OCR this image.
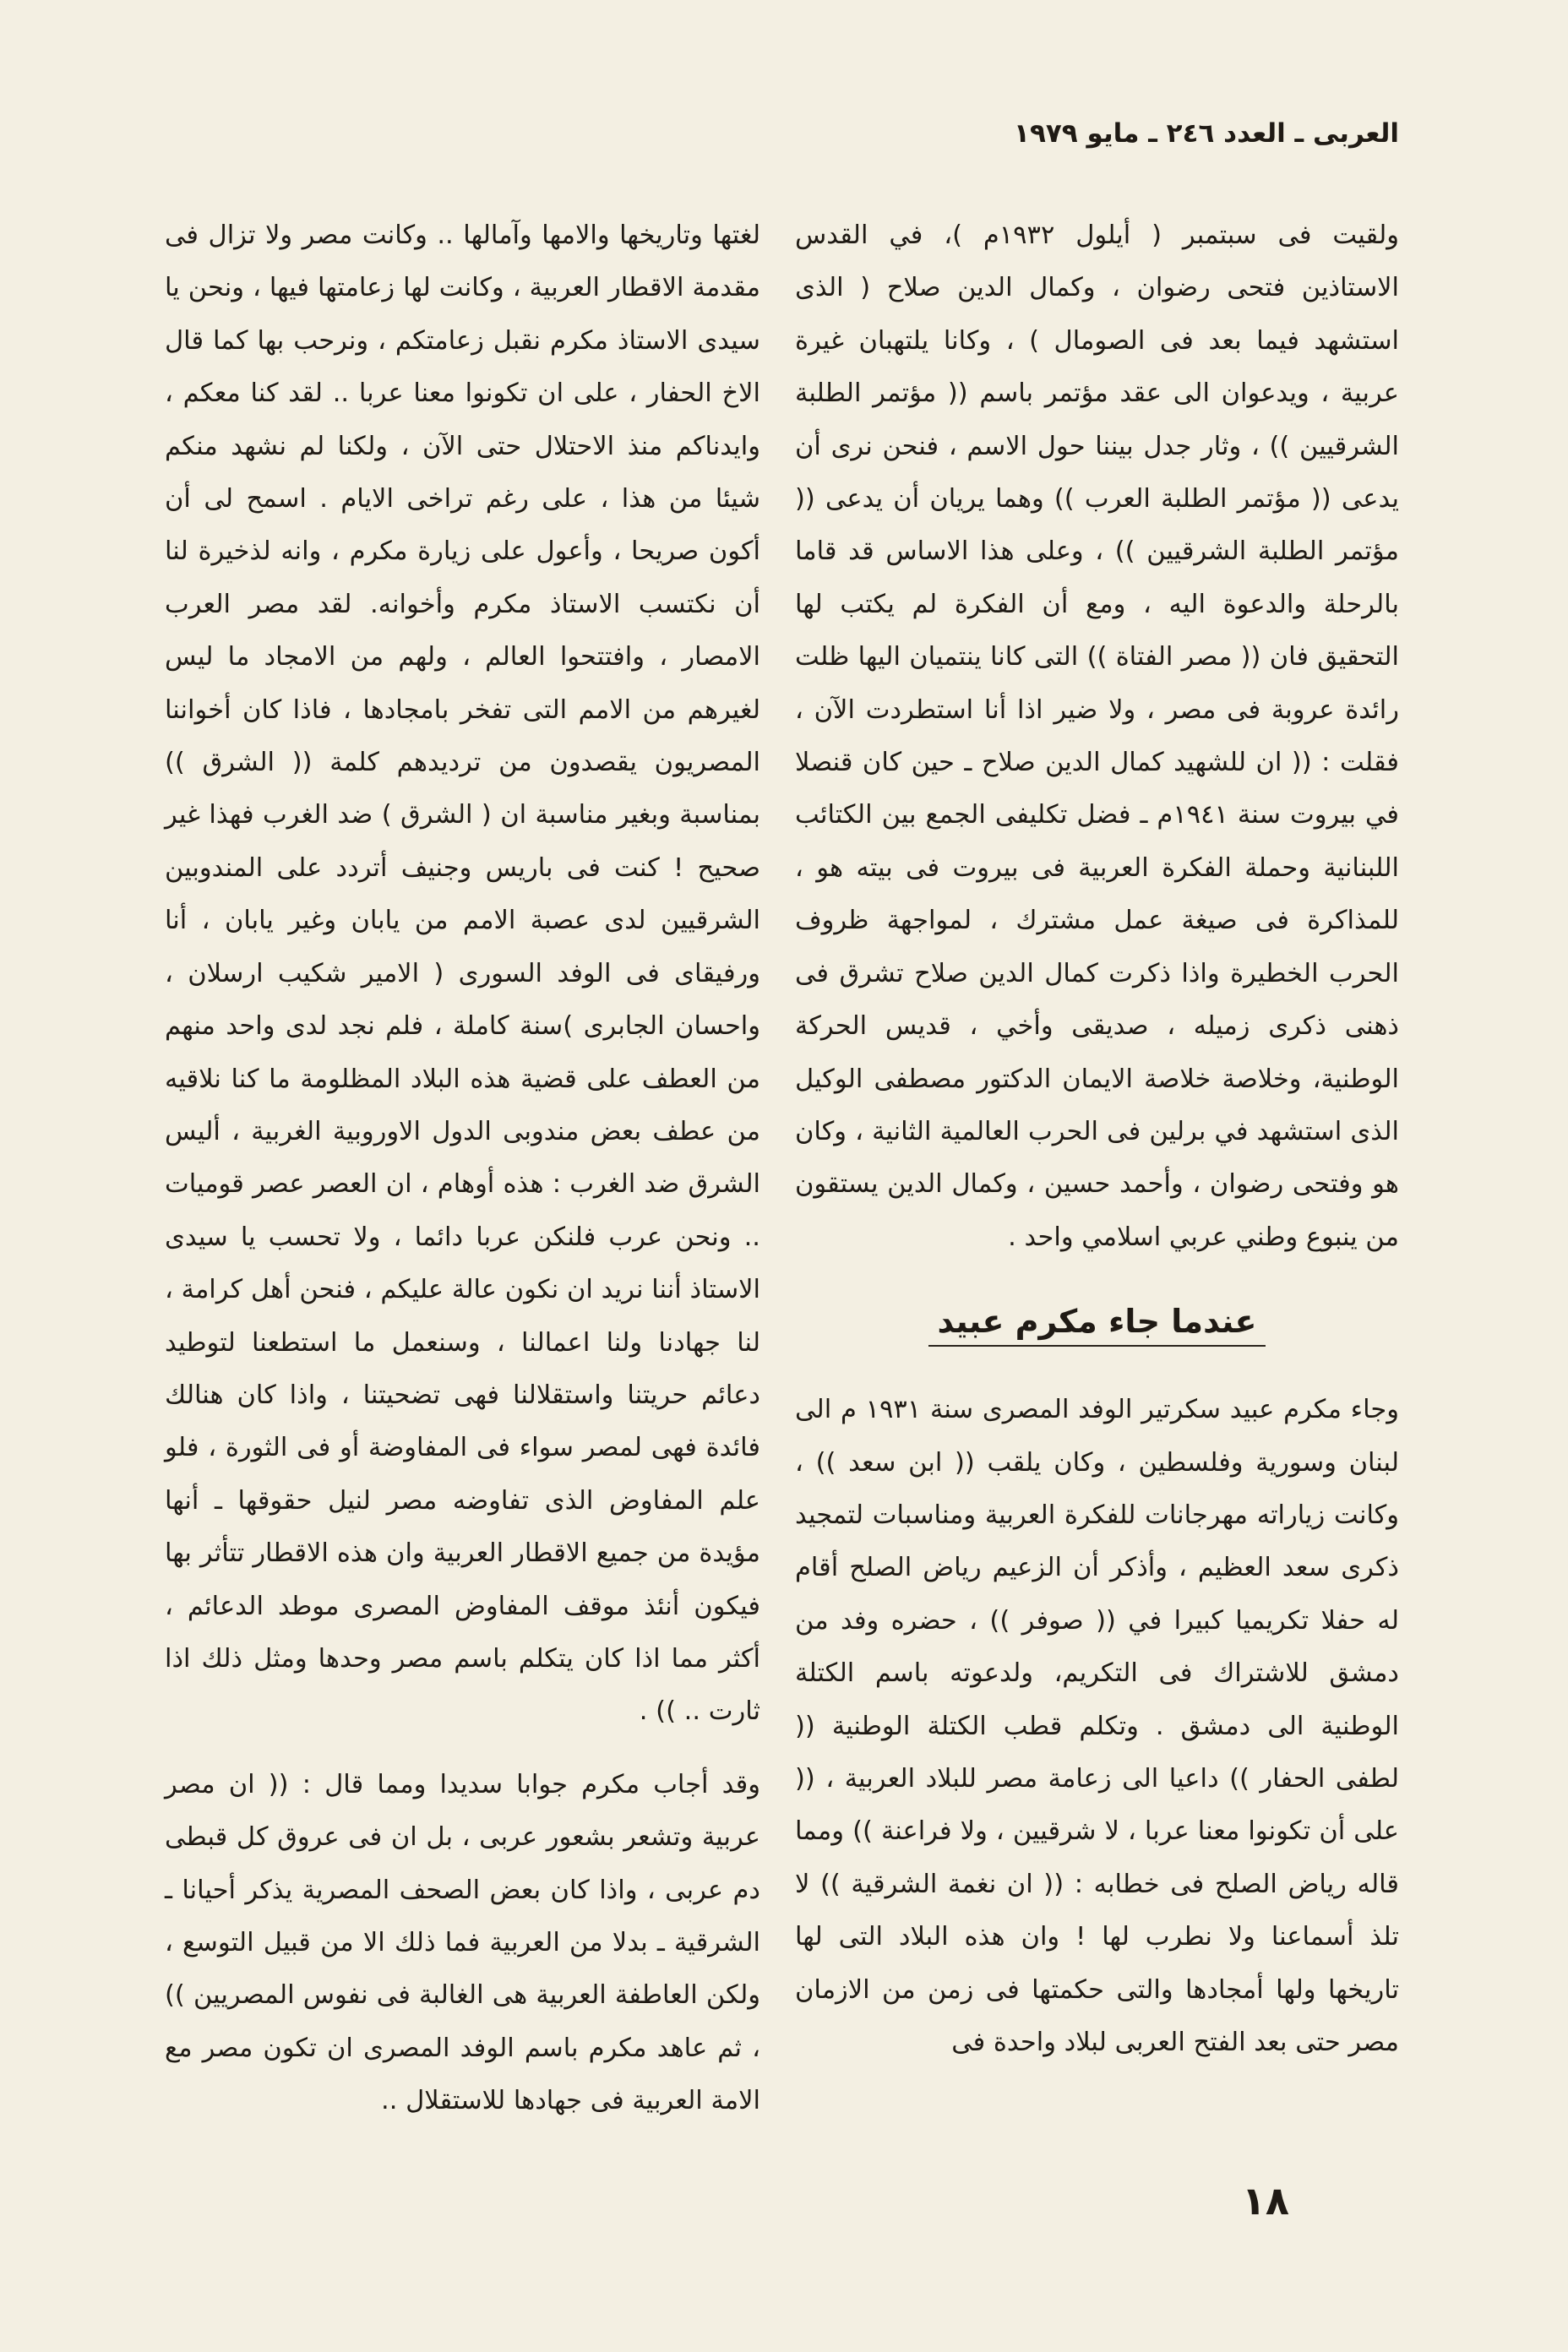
العربى ـ العدد ٢٤٦ ـ مايو ١٩٧٩

ولقيت فى سبتمبر ( أيلول ١٩٣٢م )، في القدس الاستاذين فتحى رضوان ، وكمال الدين صلاح ( الذى استشهد فيما بعد فى الصومال ) ، وكانا يلتهبان غيرة عربية ، ويدعوان الى عقد مؤتمر باسم (( مؤتمر الطلبة الشرقيين )) ، وثار جدل بيننا حول الاسم ، فنحن نرى أن يدعى (( مؤتمر الطلبة العرب )) وهما يريان أن يدعى (( مؤتمر الطلبة الشرقيين )) ، وعلى هذا الاساس قد قاما بالرحلة والدعوة اليه ، ومع أن الفكرة لم يكتب لها التحقيق فان (( مصر الفتاة )) التى كانا ينتميان اليها ظلت رائدة عروبة فى مصر ، ولا ضير اذا أنا استطردت الآن ، فقلت : (( ان للشهيد كمال الدين صلاح ـ حين كان قنصلا في بيروت سنة ١٩٤١م ـ فضل تكليفى الجمع بين الكتائب اللبنانية وحملة الفكرة العربية فى بيروت فى بيته هو ، للمذاكرة فى صيغة عمل مشترك ، لمواجهة ظروف الحرب الخطيرة واذا ذكرت كمال الدين صلاح تشرق فى ذهنى ذكرى زميله ، صديقى وأخي ، قديس الحركة الوطنية، وخلاصة خلاصة الايمان الدكتور مصطفى الوكيل الذى استشهد في برلين فى الحرب العالمية الثانية ، وكان هو وفتحى رضوان ، وأحمد حسين ، وكمال الدين يستقون من ينبوع وطني عربي اسلامي واحد .

عندما جاء مكرم عبيد

وجاء مكرم عبيد سكرتير الوفد المصرى سنة ١٩٣١ م الى لبنان وسورية وفلسطين ، وكان يلقب (( ابن سعد )) ، وكانت زياراته مهرجانات للفكرة العربية ومناسبات لتمجيد ذكرى سعد العظيم ، وأذكر أن الزعيم رياض الصلح أقام له حفلا تكريميا كبيرا في (( صوفر )) ، حضره وفد من دمشق للاشتراك فى التكريم، ولدعوته باسم الكتلة الوطنية الى دمشق . وتكلم قطب الكتلة الوطنية (( لطفى الحفار )) داعيا الى زعامة مصر للبلاد العربية ، (( على أن تكونوا معنا عربا ، لا شرقيين ، ولا فراعنة )) ومما قاله رياض الصلح فى خطابه : (( ان نغمة الشرقية )) لا تلذ أسماعنا ولا نطرب لها ! وان هذه البلاد التى لها تاريخها ولها أمجادها والتى حكمتها فى زمن من الازمان مصر حتى بعد الفتح العربى لبلاد واحدة فى

لغتها وتاريخها والامها وآمالها .. وكانت مصر ولا تزال فى مقدمة الاقطار العربية ، وكانت لها زعامتها فيها ، ونحن يا سيدى الاستاذ مكرم نقبل زعامتكم ، ونرحب بها كما قال الاخ الحفار ، على ان تكونوا معنا عربا .. لقد كنا معكم ، وايدناكم منذ الاحتلال حتى الآن ، ولكنا لم نشهد منكم شيئا من هذا ، على رغم تراخى الايام . اسمح لى أن أكون صريحا ، وأعول على زيارة مكرم ، وانه لذخيرة لنا أن نكتسب الاستاذ مكرم وأخوانه. لقد مصر العرب الامصار ، وافتتحوا العالم ، ولهم من الامجاد ما ليس لغيرهم من الامم التى تفخر بامجادها ، فاذا كان أخواننا المصريون يقصدون من ترديدهم كلمة (( الشرق )) بمناسبة وبغير مناسبة ان ( الشرق ) ضد الغرب فهذا غير صحيح ! كنت فى باريس وجنيف أتردد على المندوبين الشرقيين لدى عصبة الامم من يابان وغير يابان ، أنا ورفيقاى فى الوفد السورى ( الامير شكيب ارسلان ، واحسان الجابرى )سنة كاملة ، فلم نجد لدى واحد منهم من العطف على قضية هذه البلاد المظلومة ما كنا نلاقيه من عطف بعض مندوبى الدول الاوروبية الغربية ، أليس الشرق ضد الغرب : هذه أوهام ، ان العصر عصر قوميات .. ونحن عرب فلنكن عربا دائما ، ولا تحسب يا سيدى الاستاذ أننا نريد ان نكون عالة عليكم ، فنحن أهل كرامة ، لنا جهادنا ولنا اعمالنا ، وسنعمل ما استطعنا لتوطيد دعائم حريتنا واستقلالنا فهى تضحيتنا ، واذا كان هنالك فائدة فهى لمصر سواء فى المفاوضة أو فى الثورة ، فلو علم المفاوض الذى تفاوضه مصر لنيل حقوقها ـ أنها مؤيدة من جميع الاقطار العربية وان هذه الاقطار تتأثر بها فيكون أنئذ موقف المفاوض المصرى موطد الدعائم ، أكثر مما اذا كان يتكلم باسم مصر وحدها ومثل ذلك اذا ثارت .. )) .

وقد أجاب مكرم جوابا سديدا ومما قال : (( ان مصر عربية وتشعر بشعور عربى ، بل ان فى عروق كل قبطى دم عربى ، واذا كان بعض الصحف المصرية يذكر أحيانا ـ الشرقية ـ بدلا من العربية فما ذلك الا من قبيل التوسع ، ولكن العاطفة العربية هى الغالبة فى نفوس المصريين )) ، ثم عاهد مكرم باسم الوفد المصرى ان تكون مصر مع الامة العربية فى جهادها للاستقلال ..

١٨
